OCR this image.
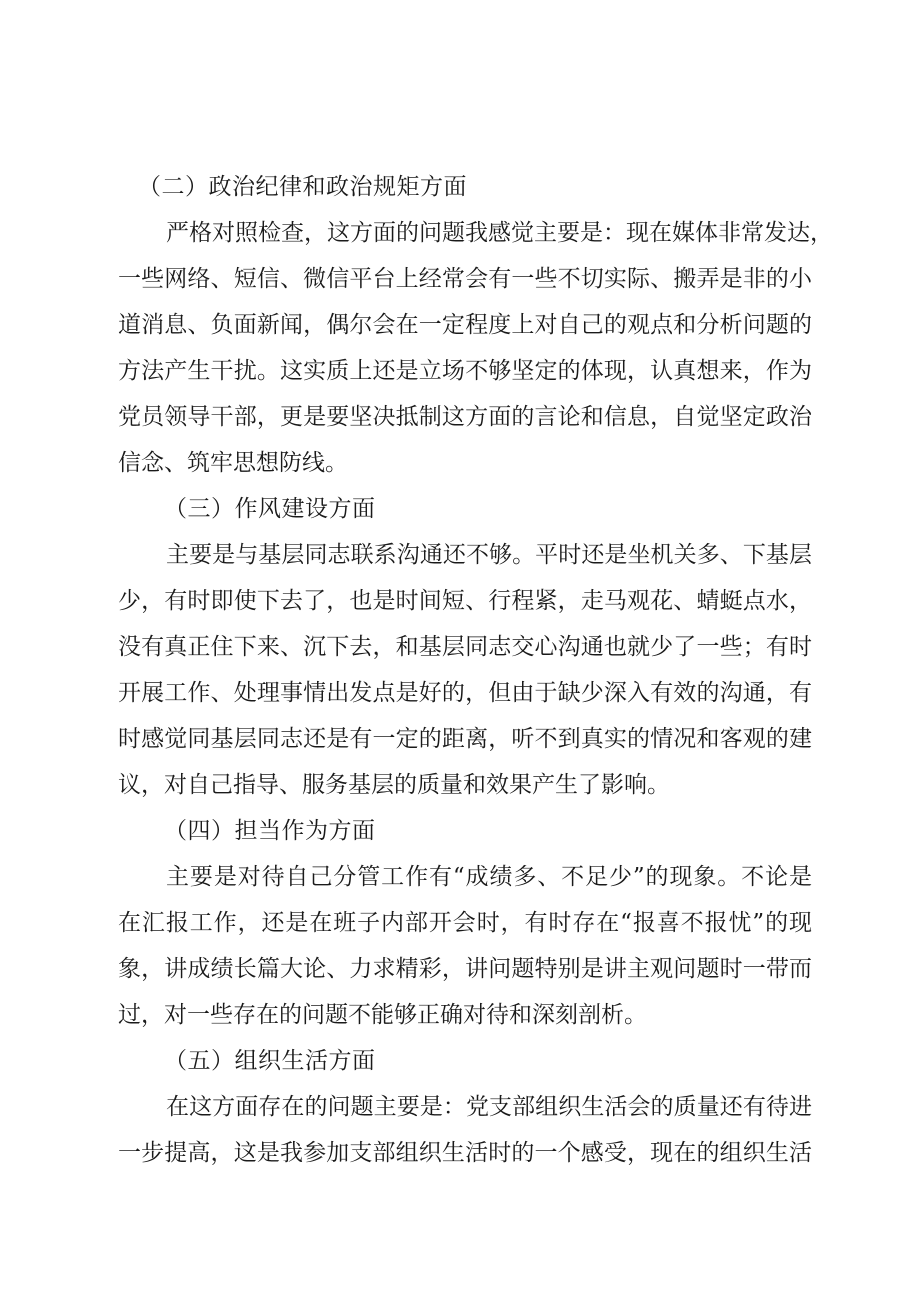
（二）政治纪律和政治规矩方面
严格对照检查，这方面的问题我感觉主要是：现在媒体非常发达，
一些网络、短信、微信平台上经常会有一些不切实际、搬弄是非的小
道消息、负面新闻，偶尔会在一定程度上对自己的观点和分析问题的
方法产生干扰。这实质上还是立场不够坚定的体现，认真想来，作为
党员领导干部，更是要坚决抵制这方面的言论和信息，自觉坚定政治
信念、筑牢思想防线。
（三）作风建设方面
主要是与基层同志联系沟通还不够。平时还是坐机关多、下基层
少，有时即使下去了，也是时间短、行程紧，走马观花、蜻蜓点水，
没有真正住下来、沉下去，和基层同志交心沟通也就少了一些；有时
开展工作、处理事情出发点是好的，但由于缺少深入有效的沟通，有
时感觉同基层同志还是有一定的距离，听不到真实的情况和客观的建
议，对自己指导、服务基层的质量和效果产生了影响。
（四）担当作为方面
主要是对待自己分管工作有“成绩多、不足少”的现象。不论是
在汇报工作，还是在班子内部开会时，有时存在“报喜不报忧”的现
象，讲成绩长篇大论、力求精彩，讲问题特别是讲主观问题时一带而
过，对一些存在的问题不能够正确对待和深刻剖析。
（五）组织生活方面
在这方面存在的问题主要是：党支部组织生活会的质量还有待进
一步提高，这是我参加支部组织生活时的一个感受，现在的组织生活
